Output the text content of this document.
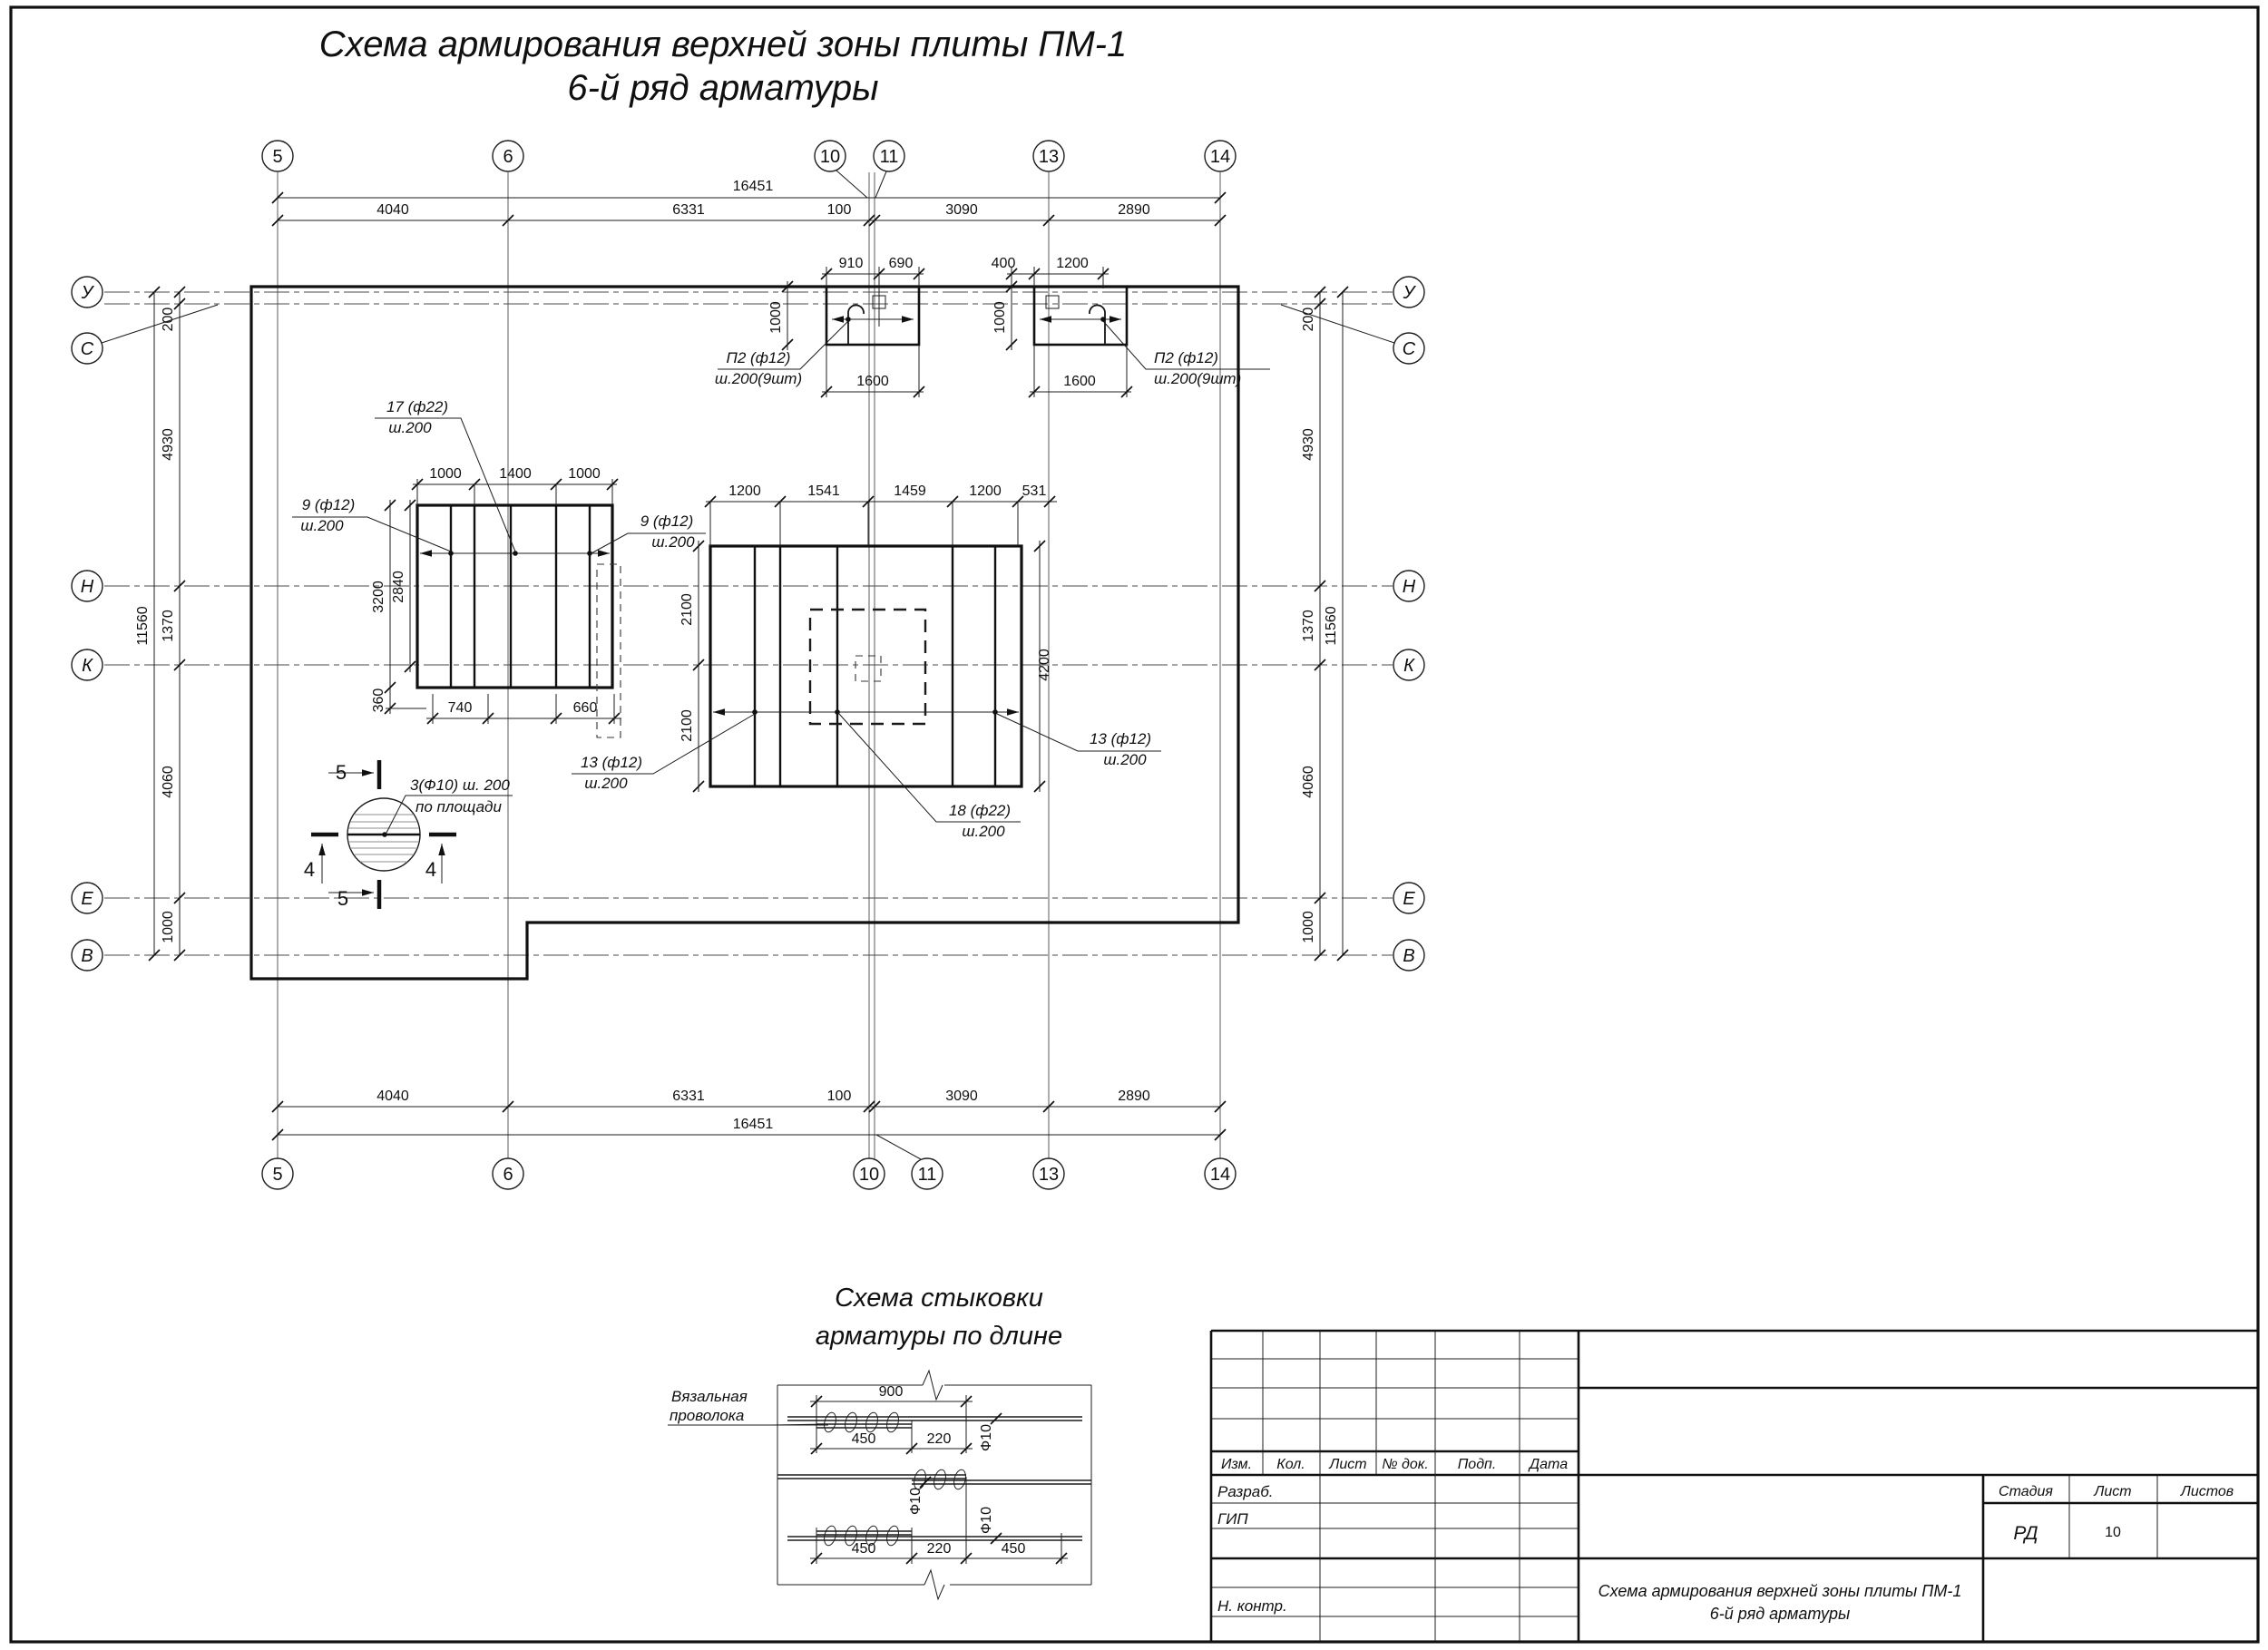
Схема армирования верхней зоны плиты ПМ-1
6-й ряд арматуры
16451
4040	6331	100	3090	2890
4040	6331	100	3090	2890
16451
200
4930
1370
4060
1000
11560
200
4930
1370
4060
1000
11560
910 690
1000
1600
400	1200
1000
1600
1000	1400	1000
3200 2840
360	740	660
1200	1541	1459	1200 531
2100
2100
4200
П2 (ф12)
ш.200(9шт)
П2 (ф12)
ш.200(9шт)
17 (ф22)
ш.200
9 (ф12)
ш.200	9 (ф12)
ш.200
13 (ф12)
ш.200
18 (ф22)
ш.200
13 (ф12)
ш.200
3(Ф10) ш. 200
по площади
5
5
4	4
5	6	10 11	13	14
5	6	10 11	13	14
У
С
Н
К
Е
В
У
С
Н
К
Е
В
Схема стыковки
арматуры по длине
900
450	220
450	220	450
Ф10
Ф10
Ф10
Вязальная
проволока
Изм. Кол. Лист № док. Подп. Дата
Разраб.
ГИП
Н. контр.
Стадия	Лист	Листов
РД	10
Схема армирования верхней зоны плиты ПМ-1
6-й ряд арматуры
